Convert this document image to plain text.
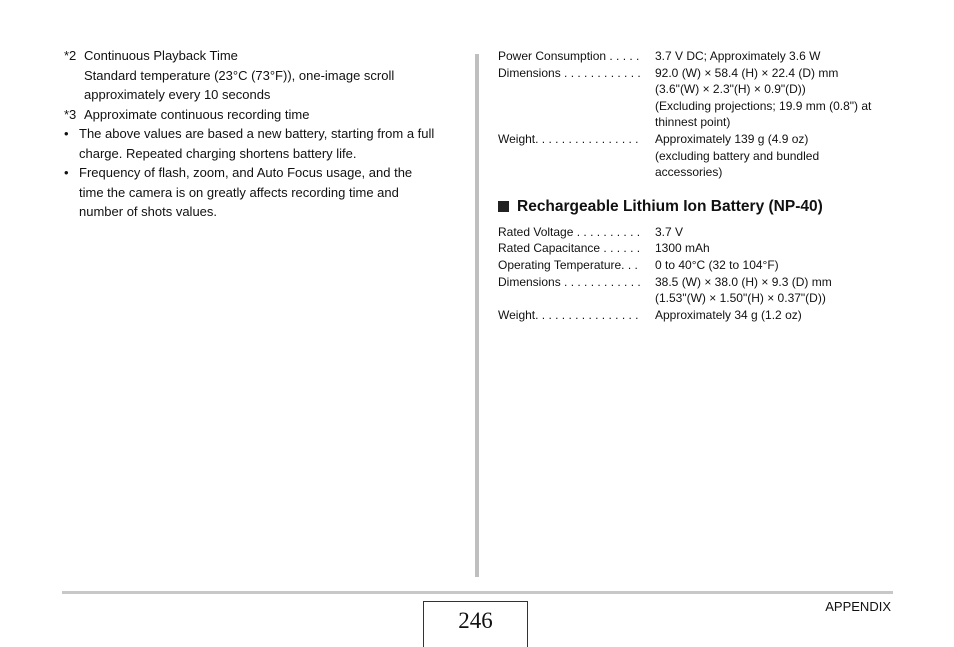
*2 Continuous Playback Time
Standard temperature (23°C (73°F)), one-image scroll
approximately every 10 seconds
*3 Approximate continuous recording time
• The above values are based a new battery, starting from a full
charge. Repeated charging shortens battery life.
• Frequency of flash, zoom, and Auto Focus usage, and the
time the camera is on greatly affects recording time and
number of shots values.
Power Consumption . . . . .	3.7 V DC; Approximately 3.6 W
Dimensions . . . . . . . . . . . .	92.0 (W) × 58.4 (H) × 22.4 (D) mm
(3.6"(W) × 2.3"(H) × 0.9"(D))
(Excluding projections; 19.9 mm (0.8") at
thinnest point)
Weight. . . . . . . . . . . . . . . .	Approximately 139 g (4.9 oz)
(excluding battery and bundled
accessories)
Rechargeable Lithium Ion Battery (NP-40)
Rated Voltage . . . . . . . . . .	3.7 V
Rated Capacitance . . . . . .	1300 mAh
Operating Temperature. . .	0 to 40°C (32 to 104°F)
Dimensions . . . . . . . . . . . .	38.5 (W) × 38.0 (H) × 9.3 (D) mm
(1.53"(W) × 1.50"(H) × 0.37"(D))
Weight. . . . . . . . . . . . . . . .	Approximately 34 g (1.2 oz)
246
APPENDIX
